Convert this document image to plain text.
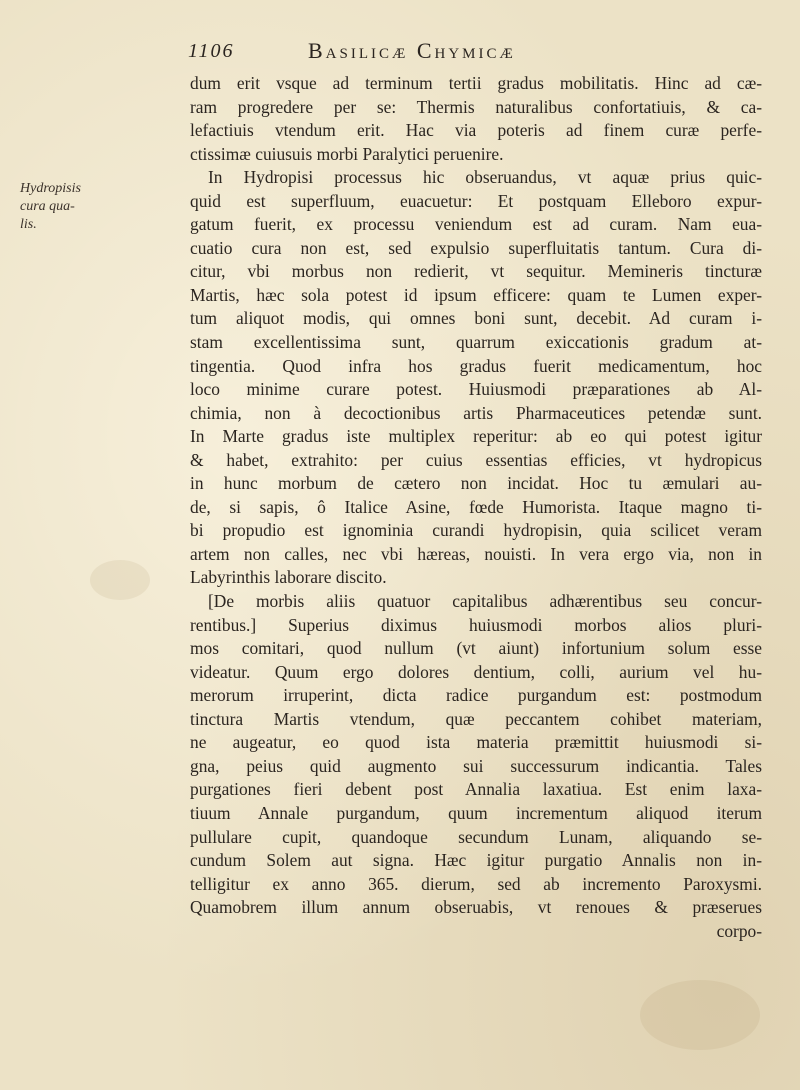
1106	Basilicæ Chymicæ
Hydropisis
cura qua-
lis.
dum erit vsque ad terminum tertii gradus mobilitatis. Hinc ad cæ-
ram progredere per se: Thermis naturalibus confortatiuis, & ca-
lefactiuis vtendum erit. Hac via poteris ad finem curæ perfe-
ctissimæ cuiusuis morbi Paralytici peruenire.
In Hydropisi processus hic obseruandus, vt aquæ prius quic-
quid est superfluum, euacuetur: Et postquam Elleboro expur-
gatum fuerit, ex processu veniendum est ad curam. Nam eua-
cuatio cura non est, sed expulsio superfluitatis tantum. Cura di-
citur, vbi morbus non redierit, vt sequitur. Memineris tincturæ
Martis, hæc sola potest id ipsum efficere: quam te Lumen exper-
tum aliquot modis, qui omnes boni sunt, decebit. Ad curam i-
stam excellentissima sunt, quarrum exiccationis gradum at-
tingentia. Quod infra hos gradus fuerit medicamentum, hoc
loco minime curare potest. Huiusmodi præparationes ab Al-
chimia, non à decoctionibus artis Pharmaceutices petendæ sunt.
In Marte gradus iste multiplex reperitur: ab eo qui potest igitur
& habet, extrahito: per cuius essentias efficies, vt hydropicus
in hunc morbum de cætero non incidat. Hoc tu æmulari au-
de, si sapis, ô Italice Asine, fœde Humorista. Itaque magno ti-
bi propudio est ignominia curandi hydropisin, quia scilicet veram
artem non calles, nec vbi hæreas, nouisti. In vera ergo via, non in
Labyrinthis laborare discito.
[De morbis aliis quatuor capitalibus adhærentibus seu concur-
rentibus.] Superius diximus huiusmodi morbos alios pluri-
mos comitari, quod nullum (vt aiunt) infortunium solum esse
videatur. Quum ergo dolores dentium, colli, aurium vel hu-
merorum irruperint, dicta radice purgandum est: postmodum
tinctura Martis vtendum, quæ peccantem cohibet materiam,
ne augeatur, eo quod ista materia præmittit huiusmodi si-
gna, peius quid augmento sui successurum indicantia. Tales
purgationes fieri debent post Annalia laxatiua. Est enim laxa-
tiuum Annale purgandum, quum incrementum aliquod iterum
pullulare cupit, quandoque secundum Lunam, aliquando se-
cundum Solem aut signa. Hæc igitur purgatio Annalis non in-
telligitur ex anno 365. dierum, sed ab incremento Paroxysmi.
Quamobrem illum annum obseruabis, vt renoues & præserues
corpo-
